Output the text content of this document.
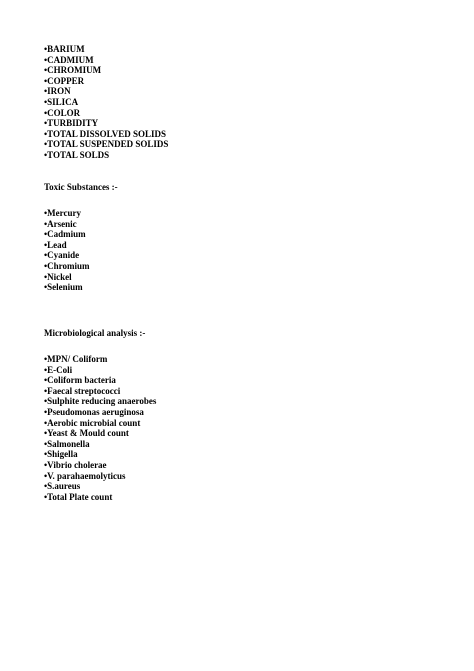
•BARIUM
•CADMIUM
•CHROMIUM
•COPPER
•IRON
•SILICA
•COLOR
•TURBIDITY
•TOTAL DISSOLVED SOLIDS
•TOTAL SUSPENDED SOLIDS
•TOTAL SOLDS
Toxic Substances :-
•Mercury
•Arsenic
•Cadmium
•Lead
•Cyanide
•Chromium
•Nickel
•Selenium
Microbiological analysis :-
•MPN/ Coliform
•E-Coli
•Coliform bacteria
•Faecal streptococci
•Sulphite reducing anaerobes
•Pseudomonas aeruginosa
•Aerobic microbial count
•Yeast & Mould count
•Salmonella
•Shigella
•Vibrio cholerae
•V. parahaemolyticus
•S.aureus
•Total Plate count
